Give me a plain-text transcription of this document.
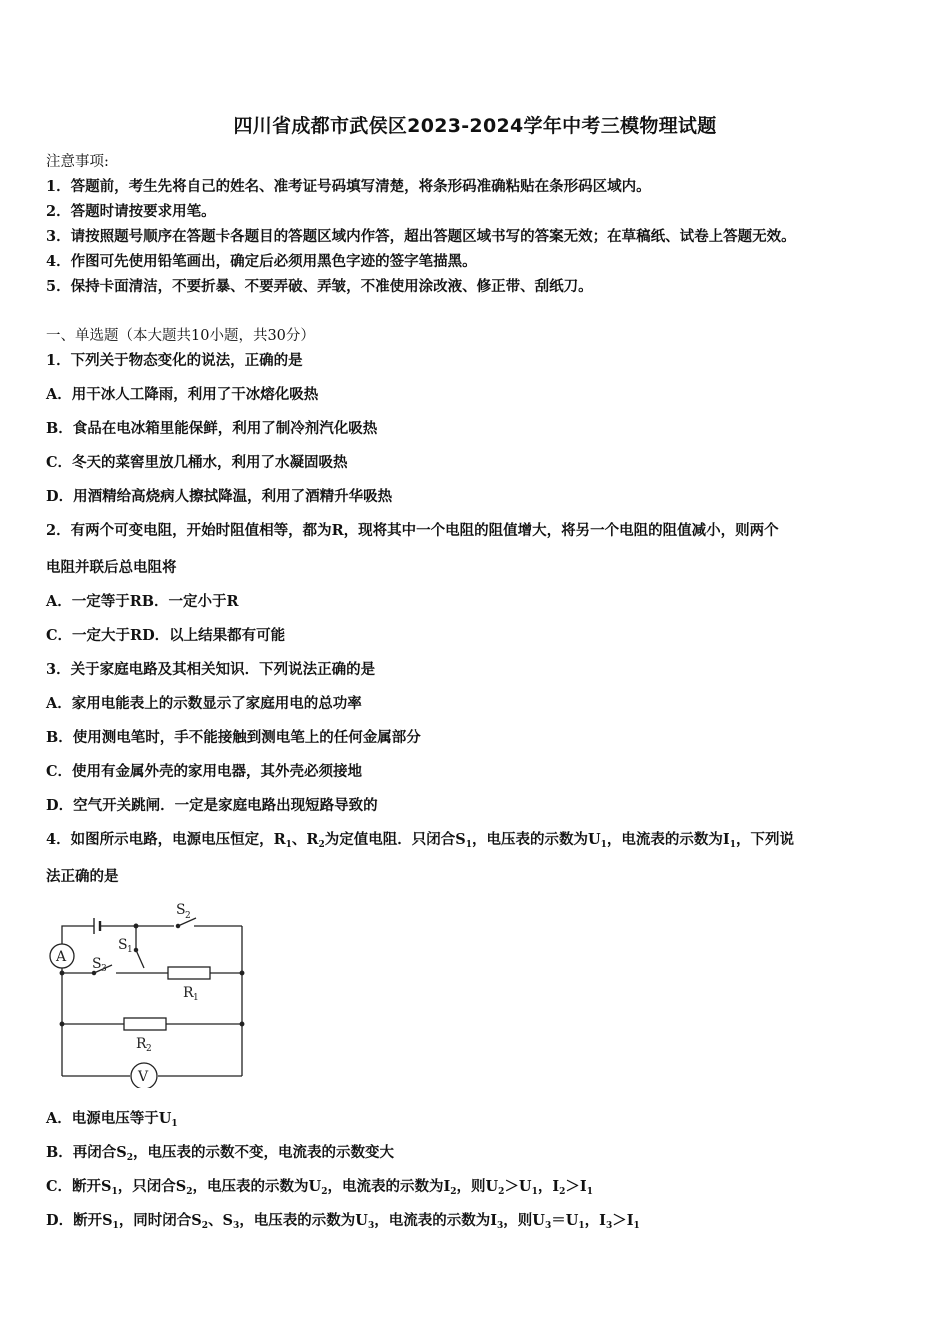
四川省成都市武侯区2023-2024学年中考三模物理试题
注意事项:
1．答题前，考生先将自己的姓名、准考证号码填写清楚，将条形码准确粘贴在条形码区域内。
2．答题时请按要求用笔。
3．请按照题号顺序在答题卡各题目的答题区域内作答，超出答题区域书写的答案无效；在草稿纸、试卷上答题无效。
4．作图可先使用铅笔画出，确定后必须用黑色字迹的签字笔描黑。
5．保持卡面清洁，不要折暴、不要弄破、弄皱，不准使用涂改液、修正带、刮纸刀。
一、单选题（本大题共10小题，共30分）
1．下列关于物态变化的说法，正确的是
A．用干冰人工降雨，利用了干冰熔化吸热
B．食品在电冰箱里能保鲜，利用了制冷剂汽化吸热
C．冬天的菜窖里放几桶水，利用了水凝固吸热
D．用酒精给高烧病人擦拭降温，利用了酒精升华吸热
2．有两个可变电阻，开始时阻值相等，都为R，现将其中一个电阻的阻值增大，将另一个电阻的阻值减小，则两个
电阻并联后总电阻将
A．一定等于RB．一定小于R
C．一定大于RD．以上结果都有可能
3．关于家庭电路及其相关知识．下列说法正确的是
A．家用电能表上的示数显示了家庭用电的总功率
B．使用测电笔时，手不能接触到测电笔上的任何金属部分
C．使用有金属外壳的家用电器，其外壳必须接地
D．空气开关跳闸．一定是家庭电路出现短路导致的
4．如图所示电路，电源电压恒定，$R_1$、$R_2$为定值电阻．只闭合$S_1$，电压表的示数为$U_1$，电流表的示数为$I_1$，下列说
法正确的是
A
V
S 2
S 1
S 3
R 1
R 2
A．电源电压等于$U_1$
B．再闭合$S_2$，电压表的示数不变，电流表的示数变大
C．断开$S_1$，只闭合$S_2$，电压表的示数为$U_2$，电流表的示数为$I_2$，则$U_2>U_1$，$I_2>I_1$
D．断开$S_1$，同时闭合$S_2$、$S_3$，电压表的示数为$U_3$，电流表的示数为$I_3$，则$U_3=U_1$，$I_3>I_1$
